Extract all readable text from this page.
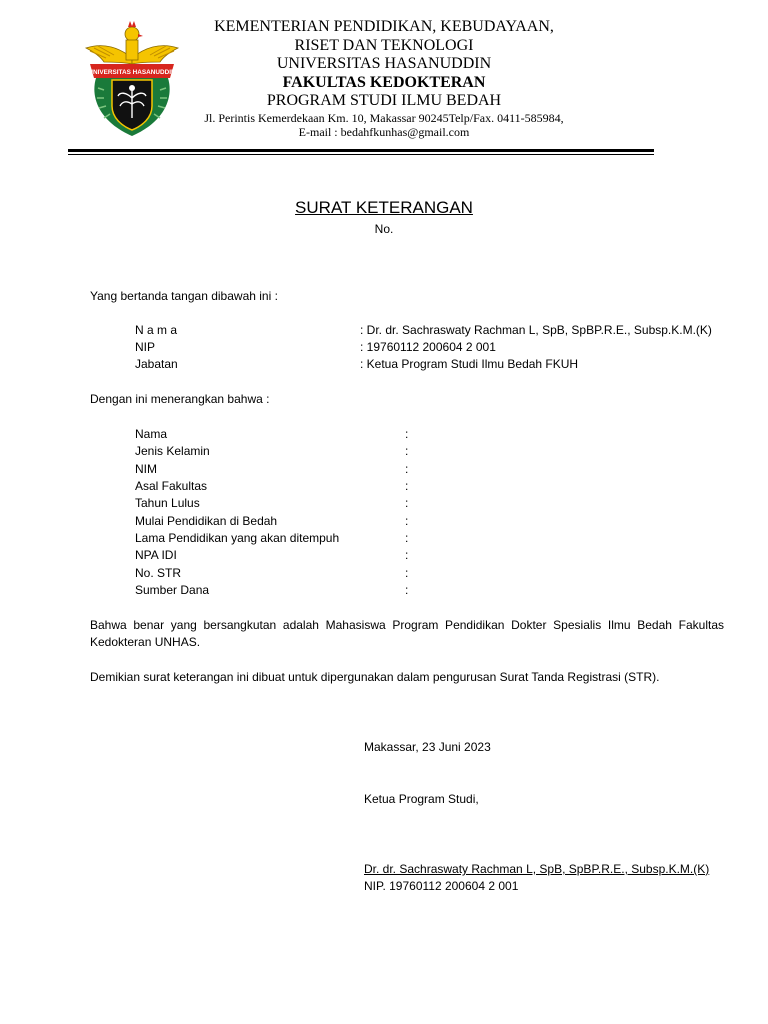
UNIVERSITAS HASANUDDIN
KEMENTERIAN PENDIDIKAN, KEBUDAYAAN,
RISET DAN TEKNOLOGI
UNIVERSITAS HASANUDDIN
FAKULTAS KEDOKTERAN
PROGRAM STUDI ILMU BEDAH
Jl. Perintis Kemerdekaan Km. 10, Makassar 90245Telp/Fax. 0411-585984,
E-mail : bedahfkunhas@gmail.com
SURAT KETERANGAN
No.
Yang bertanda tangan dibawah ini :
N a m a	: Dr. dr. Sachraswaty Rachman L, SpB, SpBP.R.E., Subsp.K.M.(K)
NIP	: 19760112 200604 2 001
Jabatan	: Ketua Program Studi Ilmu Bedah FKUH
Dengan ini menerangkan bahwa :
Nama	:
Jenis Kelamin	:
NIM	:
Asal Fakultas	:
Tahun Lulus	:
Mulai Pendidikan di Bedah	:
Lama Pendidikan yang akan ditempuh	:
NPA IDI	:
No. STR	:
Sumber Dana	:
Bahwa benar yang bersangkutan adalah Mahasiswa Program Pendidikan Dokter Spesialis Ilmu Bedah Fakultas Kedokteran UNHAS.
Demikian surat keterangan ini dibuat untuk dipergunakan dalam pengurusan Surat Tanda Registrasi (STR).
Makassar, 23 Juni 2023
Ketua Program Studi,
Dr. dr. Sachraswaty Rachman L, SpB, SpBP.R.E., Subsp.K.M.(K)
NIP. 19760112 200604 2 001
